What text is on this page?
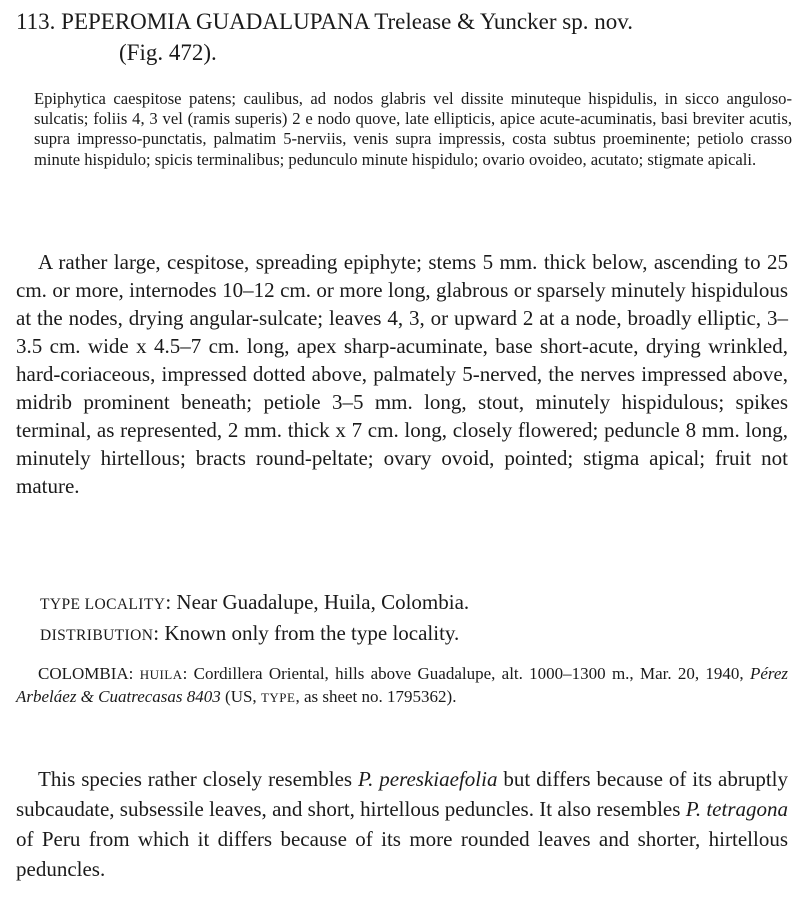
113. PEPEROMIA GUADALUPANA Trelease & Yuncker sp. nov.
(Fig. 472).

Epiphytica caespitose patens; caulibus, ad nodos glabris vel dissite minuteque hispidulis, in sicco anguloso-sulcatis; foliis 4, 3 vel (ramis superis) 2 e nodo quove, late ellipticis, apice acute-acuminatis, basi breviter acutis, supra impresso-punctatis, palmatim 5-nerviis, venis supra impressis, costa subtus proeminente; petiolo crasso minute hispidulo; spicis terminalibus; pedunculo minute hispidulo; ovario ovoideo, acutato; stigmate apicali.

A rather large, cespitose, spreading epiphyte; stems 5 mm. thick below, ascending to 25 cm. or more, internodes 10–12 cm. or more long, glabrous or sparsely minutely hispidulous at the nodes, drying angular-sulcate; leaves 4, 3, or upward 2 at a node, broadly elliptic, 3–3.5 cm. wide x 4.5–7 cm. long, apex sharp-acuminate, base short-acute, drying wrinkled, hard-coriaceous, impressed dotted above, palmately 5-nerved, the nerves impressed above, midrib prominent beneath; petiole 3–5 mm. long, stout, minutely hispidulous; spikes terminal, as represented, 2 mm. thick x 7 cm. long, closely flowered; peduncle 8 mm. long, minutely hirtellous; bracts round-peltate; ovary ovoid, pointed; stigma apical; fruit not mature.

TYPE LOCALITY: Near Guadalupe, Huila, Colombia.
DISTRIBUTION: Known only from the type locality.

COLOMBIA: HUILA: Cordillera Oriental, hills above Guadalupe, alt. 1000–1300 m., Mar. 20, 1940, Pérez Arbeláez & Cuatrecasas 8403 (US, TYPE, as sheet no. 1795362).

This species rather closely resembles P. pereskiaefolia but differs because of its abruptly subcaudate, subsessile leaves, and short, hirtellous peduncles. It also resembles P. tetragona of Peru from which it differs because of its more rounded leaves and shorter, hirtellous peduncles.
